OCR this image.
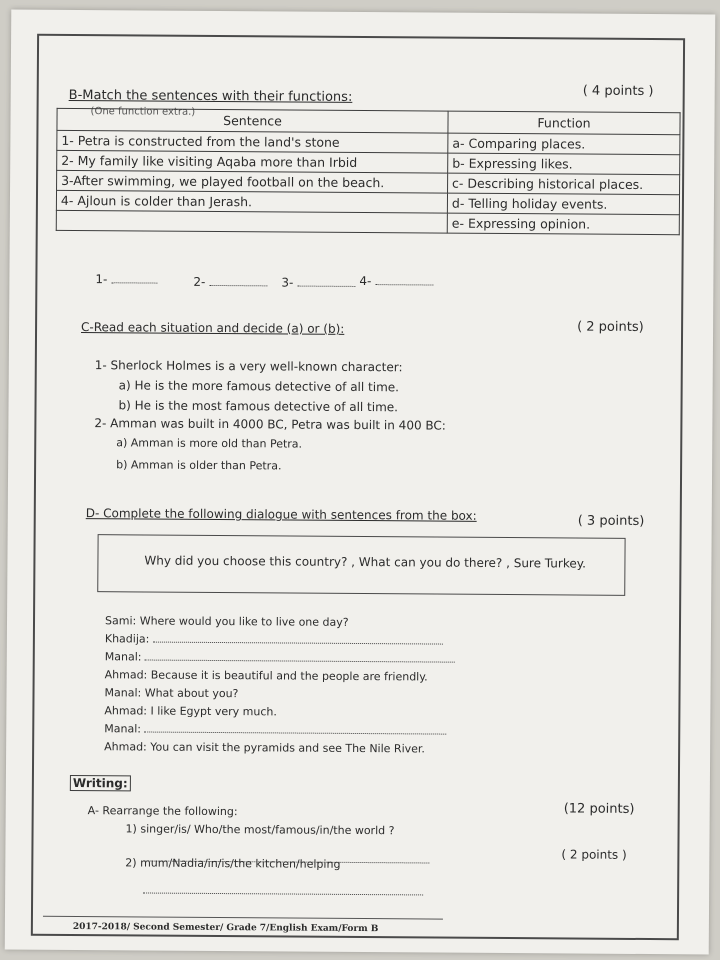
B-Match the sentences with their functions:	( 4 points )
(One function extra.)
Sentence	Function
1- Petra is constructed from the land's stone	a- Comparing places.
2- My family like visiting Aqaba more than Irbid	b- Expressing likes.
3-After swimming, we played football on the beach.	c- Describing historical places.
4- Ajloun is colder than Jerash.	d- Telling holiday events.
	e- Expressing opinion.
1-	2-	3-	4-
C-Read each situation and decide (a) or (b):	( 2 points)
1- Sherlock Holmes is a very well-known character:
a) He is the more famous detective of all time.
b) He is the most famous detective of all time.
2- Amman was built in 4000 BC, Petra was built in 400 BC:
a) Amman is more old than Petra.
b) Amman is older than Petra.
D- Complete the following dialogue with sentences from the box:	( 3 points)
Why did you choose this country? , What can you do there? , Sure Turkey.
Sami: Where would you like to live one day?
Khadija:
Manal:
Ahmad: Because it is beautiful and the people are friendly.
Manal: What about you?
Ahmad: I like Egypt very much.
Manal:
Ahmad: You can visit the pyramids and see The Nile River.
Writing:
(12 points)
A- Rearrange the following:
1) singer/is/ Who/the most/famous/in/the world ?
( 2 points )
2) mum/Nadia/in/is/the kitchen/helping
2017-2018/ Second Semester/ Grade 7/English Exam/Form B
